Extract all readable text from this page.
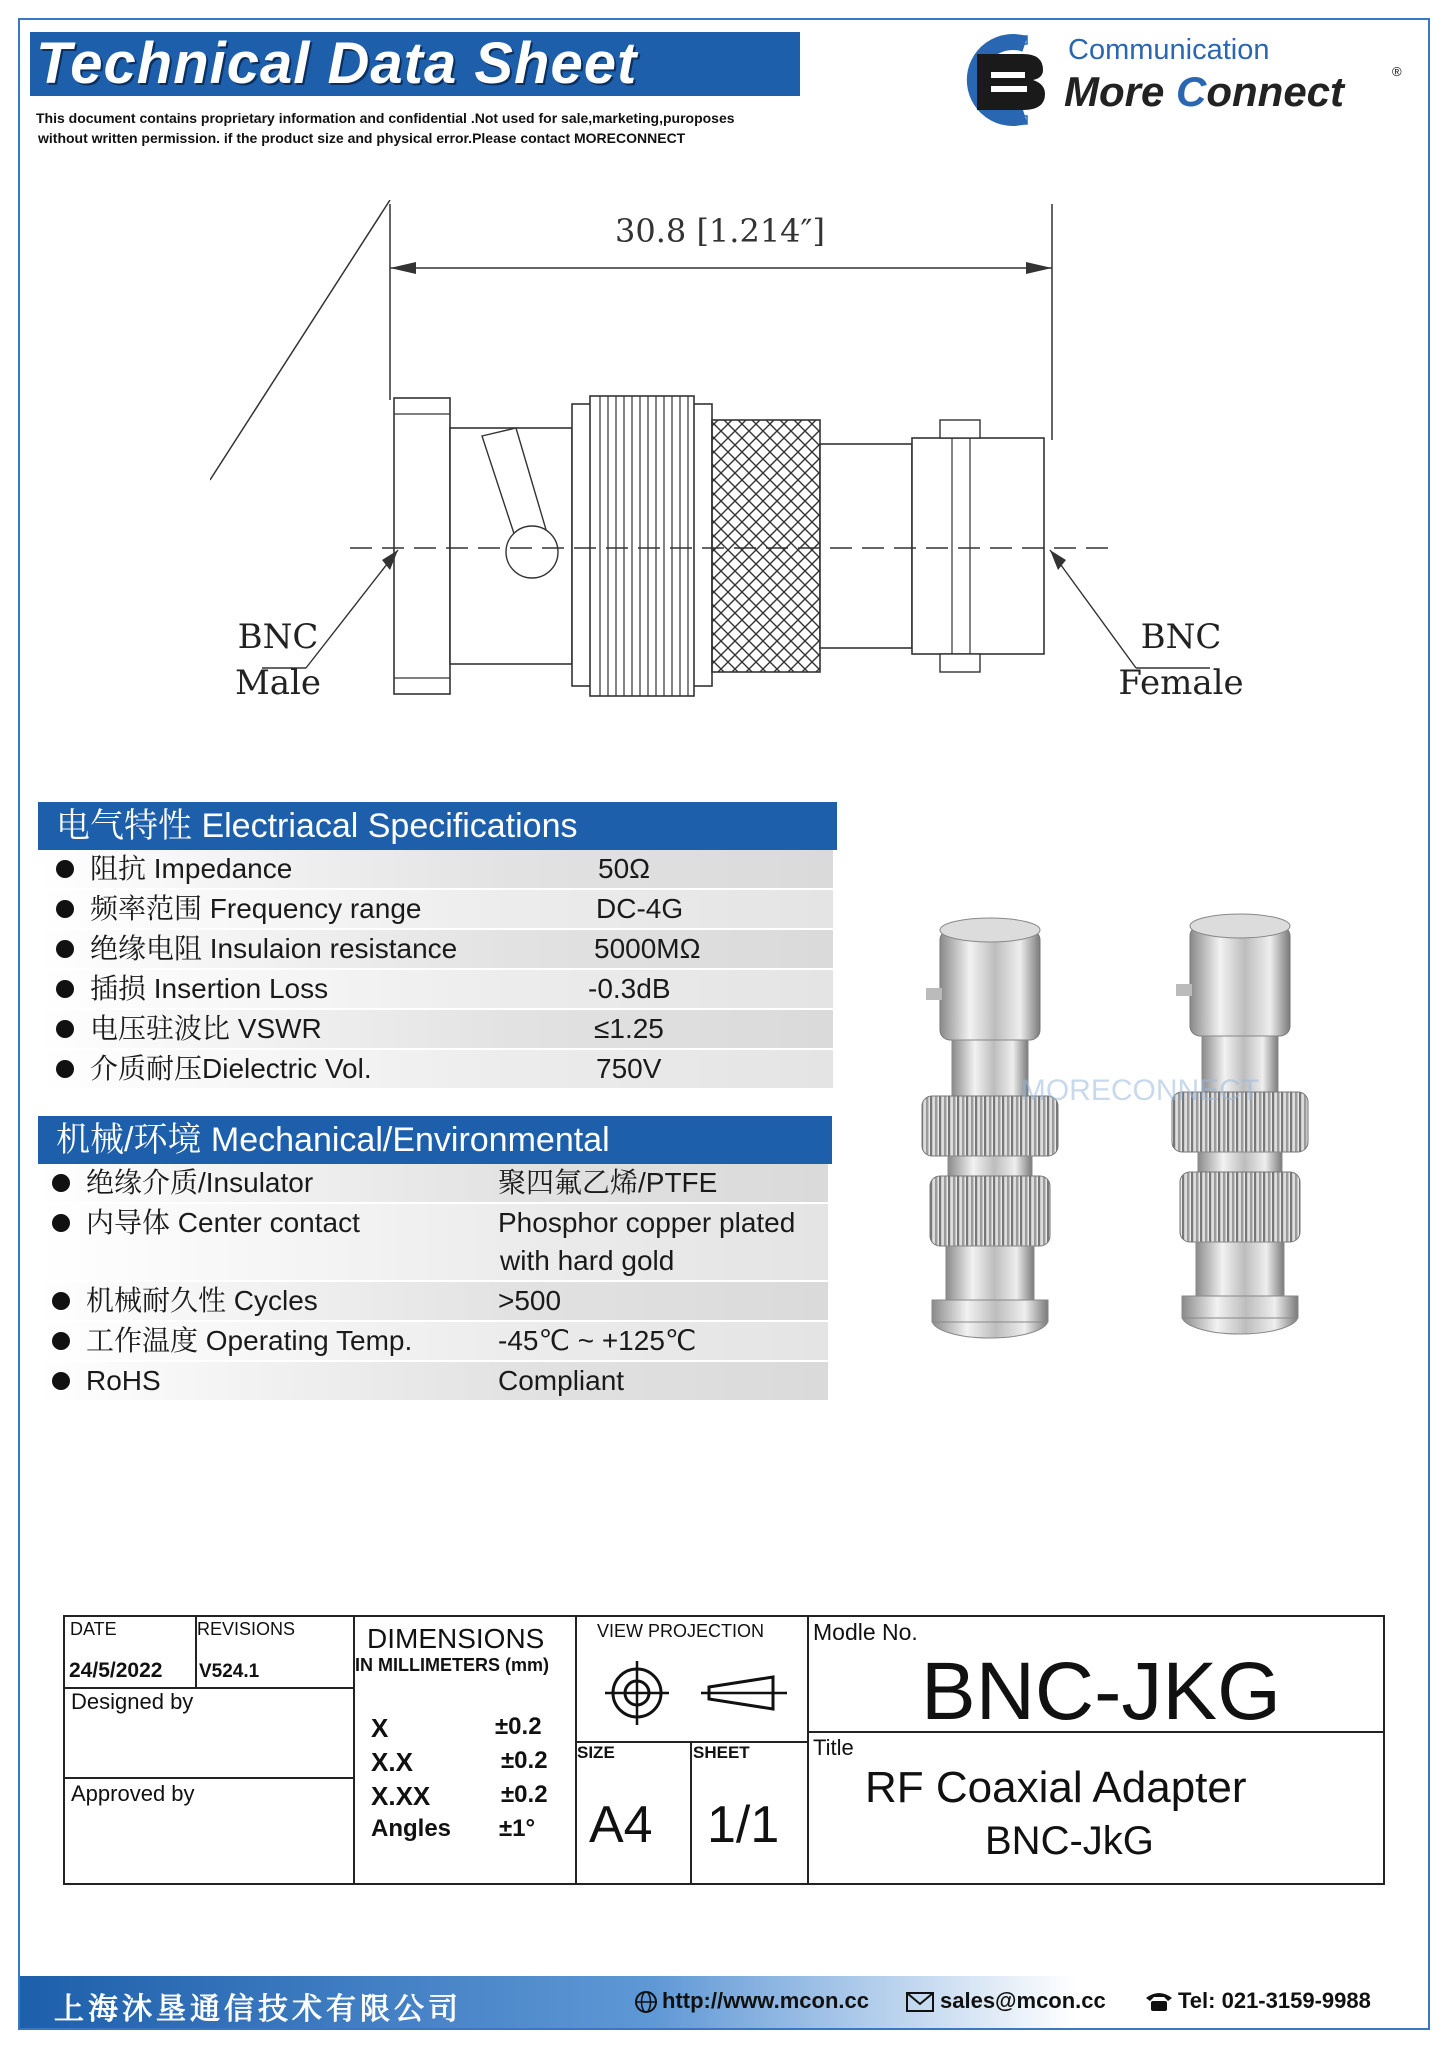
Technical Data Sheet
This document contains proprietary information and confidential .Not used for sale,marketing,puroposes
without written permission. if the product size and physical error.Please contact MORECONNECT
Communication
More Connect	®
30.8 [1.214″]
BNC
Male
BNC
Female
电气特性 Electriacal Specifications
阻抗 Impedance	50Ω
频率范围 Frequency range	DC-4G
绝缘电阻 Insulaion resistance	5000MΩ
插损 Insertion Loss	-0.3dB
电压驻波比 VSWR	≤1.25
介质耐压Dielectric Vol.	750V
机械/环境 Mechanical/Environmental
绝缘介质/Insulator	聚四氟乙烯/PTFE
内导体 Center contact	Phosphor copper plated
with hard gold
机械耐久性 Cycles	>500
工作温度 Operating Temp.	-45℃ ~ +125℃
RoHS	Compliant
MORECONNECT
DATE
24/5/2022
REVISIONS
V524.1
Designed by
Approved by
DIMENSIONS
IN MILLIMETERS (mm)
X	±0.2
X.X	±0.2
X.XX	±0.2
Angles ±1°
VIEW PROJECTION
SIZE
A4
SHEET
1/1
Modle No.
BNC-JKG
Title
RF Coaxial Adapter
BNC-JkG
上海沐垦通信技术有限公司	http://www.mcon.cc	sales@mcon.cc	Tel: 021-3159-9988
